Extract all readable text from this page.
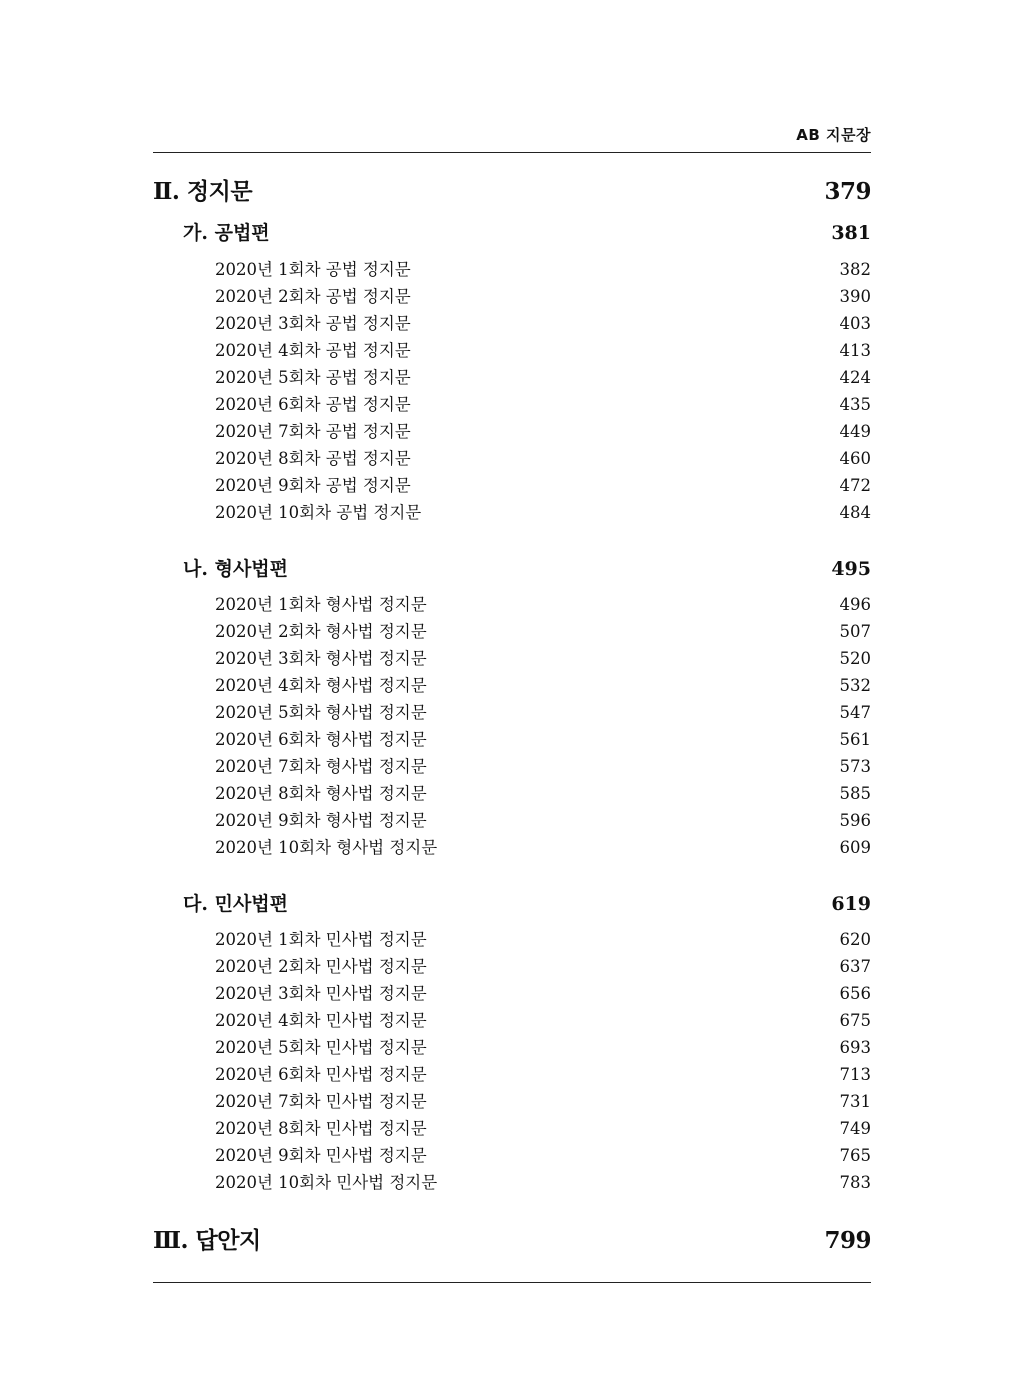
AB 지문장
Ⅱ. 정지문	379
가. 공법편	381
2020년 1회차 공법 정지문	382
2020년 2회차 공법 정지문	390
2020년 3회차 공법 정지문	403
2020년 4회차 공법 정지문	413
2020년 5회차 공법 정지문	424
2020년 6회차 공법 정지문	435
2020년 7회차 공법 정지문	449
2020년 8회차 공법 정지문	460
2020년 9회차 공법 정지문	472
2020년 10회차 공법 정지문	484
나. 형사법편	495
2020년 1회차 형사법 정지문	496
2020년 2회차 형사법 정지문	507
2020년 3회차 형사법 정지문	520
2020년 4회차 형사법 정지문	532
2020년 5회차 형사법 정지문	547
2020년 6회차 형사법 정지문	561
2020년 7회차 형사법 정지문	573
2020년 8회차 형사법 정지문	585
2020년 9회차 형사법 정지문	596
2020년 10회차 형사법 정지문	609
다. 민사법편	619
2020년 1회차 민사법 정지문	620
2020년 2회차 민사법 정지문	637
2020년 3회차 민사법 정지문	656
2020년 4회차 민사법 정지문	675
2020년 5회차 민사법 정지문	693
2020년 6회차 민사법 정지문	713
2020년 7회차 민사법 정지문	731
2020년 8회차 민사법 정지문	749
2020년 9회차 민사법 정지문	765
2020년 10회차 민사법 정지문	783
Ⅲ. 답안지	799
